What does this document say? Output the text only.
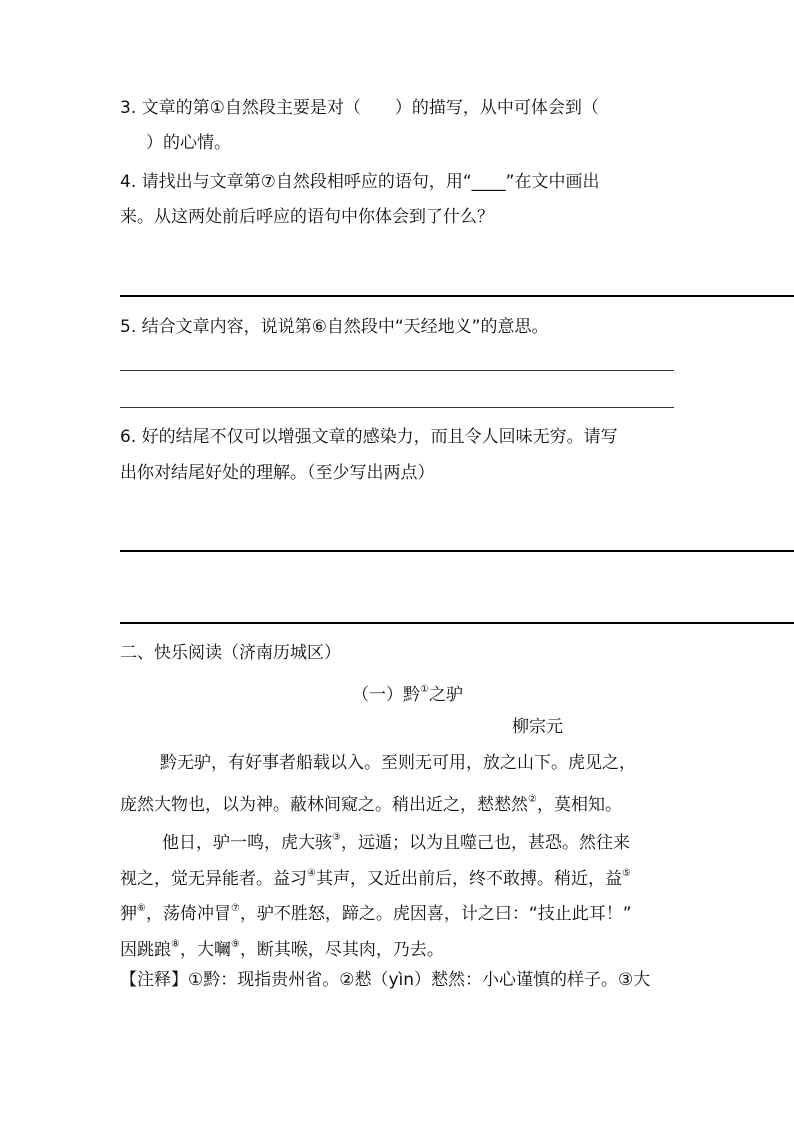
3. 文章的第①自然段主要是对（　　）的描写，从中可体会到（
）的心情。
4. 请找出与文章第⑦自然段相呼应的语句，用“____”在文中画出
来。从这两处前后呼应的语句中你体会到了什么？
5. 结合文章内容，说说第⑥自然段中“天经地义”的意思。
6. 好的结尾不仅可以增强文章的感染力，而且令人回味无穷。请写
出你对结尾好处的理解。（至少写出两点）
二、快乐阅读（济南历城区）
（一）黔①之驴
柳宗元
黔无驴，有好事者船载以入。至则无可用，放之山下。虎见之，
庞然大物也，以为神。蔽林间窥之。稍出近之，慭慭然②，莫相知。
他日，驴一鸣，虎大骇③，远遁；以为且噬己也，甚恐。然往来
视之，觉无异能者。益习④其声，又近出前后，终不敢搏。稍近，益⑤
狎⑥，荡倚冲冒⑦，驴不胜怒，蹄之。虎因喜，计之曰：“技止此耳！”
因跳踉⑧，大㘎⑨，断其喉，尽其肉，乃去。
【注释】①黔：现指贵州省。②慭（yìn）慭然：小心谨慎的样子。③大
